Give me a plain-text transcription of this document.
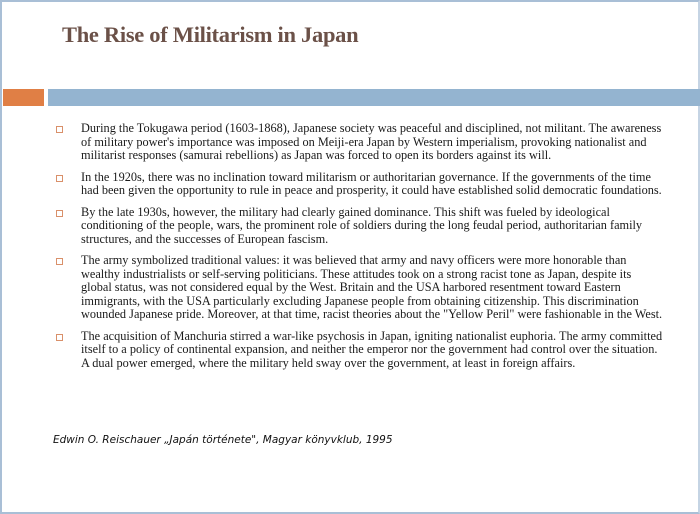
The Rise of Militarism in Japan
During the Tokugawa period (1603-1868), Japanese society was peaceful and disciplined, not militant. The awareness of military power's importance was imposed on Meiji-era Japan by Western imperialism, provoking nationalist and militarist responses (samurai rebellions) as Japan was forced to open its borders against its will.
In the 1920s, there was no inclination toward militarism or authoritarian governance. If the governments of the time had been given the opportunity to rule in peace and prosperity, it could have established solid democratic foundations.
By the late 1930s, however, the military had clearly gained dominance. This shift was fueled by ideological conditioning of the people, wars, the prominent role of soldiers during the long feudal period, authoritarian family structures, and the successes of European fascism.
The army symbolized traditional values: it was believed that army and navy officers were more honorable than wealthy industrialists or self-serving politicians. These attitudes took on a strong racist tone as Japan, despite its global status, was not considered equal by the West. Britain and the USA harbored resentment toward Eastern immigrants, with the USA particularly excluding Japanese people from obtaining citizenship. This discrimination wounded Japanese pride. Moreover, at that time, racist theories about the "Yellow Peril" were fashionable in the West.
The acquisition of Manchuria stirred a war-like psychosis in Japan, igniting nationalist euphoria. The army committed itself to a policy of continental expansion, and neither the emperor nor the government had control over the situation. A dual power emerged, where the military held sway over the government, at least in foreign affairs.
Edwin O. Reischauer „Japán története", Magyar könyvklub, 1995
